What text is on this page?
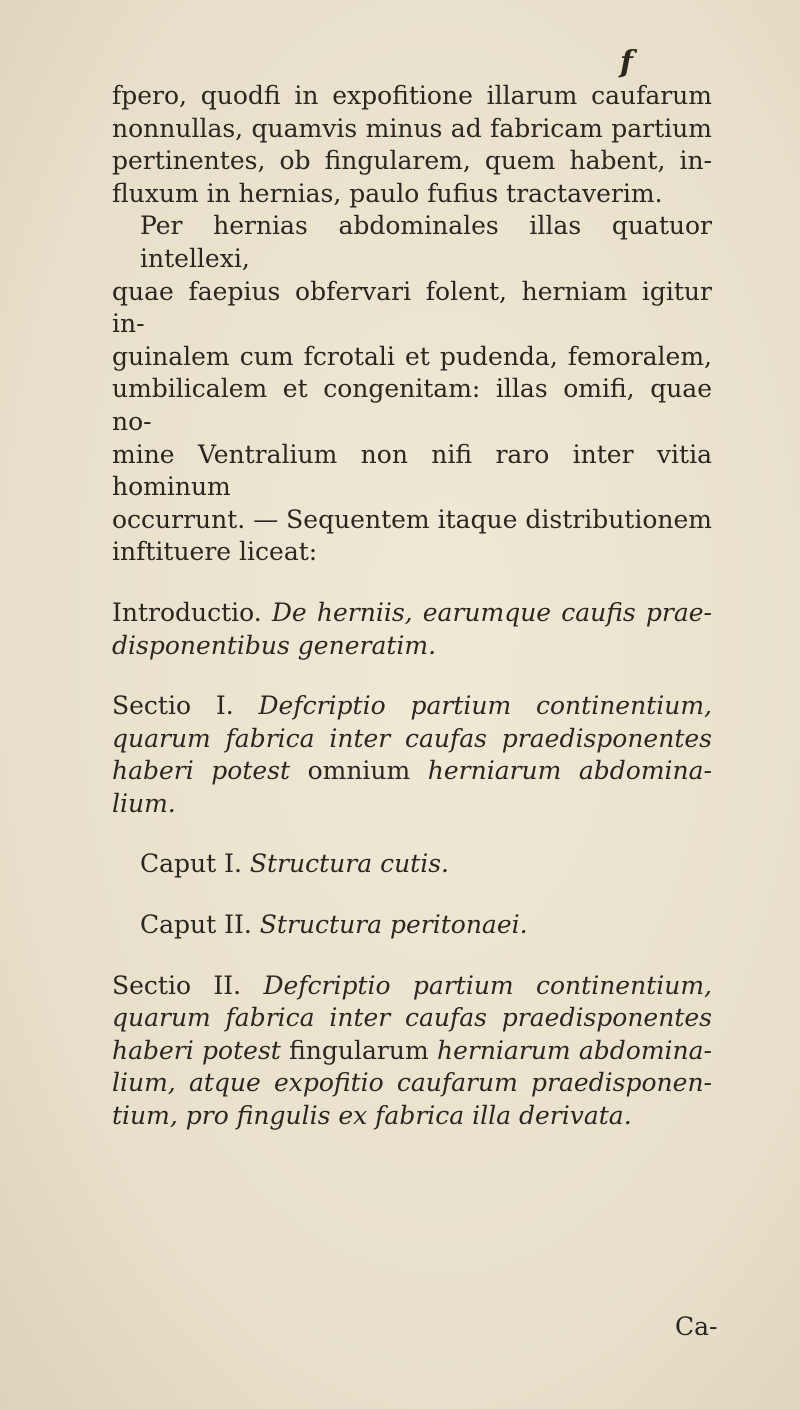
f
fpero, quodfi in expofitione illarum caufarum
nonnullas, quamvis minus ad fabricam partium
pertinentes, ob fingularem, quem habent, in-
fluxum in hernias, paulo fufius tractaverim.
Per hernias abdominales illas quatuor intellexi,
quae faepius obfervari folent, herniam igitur in-
guinalem cum fcrotali et pudenda, femoralem,
umbilicalem et congenitam: illas omifi, quae no-
mine Ventralium non nifi raro inter vitia hominum
occurrunt. — Sequentem itaque distributionem
inftituere liceat:
Introductio. De herniis, earumque caufis prae-
disponentibus generatim.
Sectio I. Defcriptio partium continentium,
quarum fabrica inter caufas praedisponentes
haberi potest omnium herniarum abdomina-
lium.
Caput I. Structura cutis.
Caput II. Structura peritonaei.
Sectio II. Defcriptio partium continentium,
quarum fabrica inter caufas praedisponentes
haberi potest fingularum herniarum abdomina-
lium, atque expofitio caufarum praedisponen-
tium, pro fingulis ex fabrica illa derivata.
Ca-
